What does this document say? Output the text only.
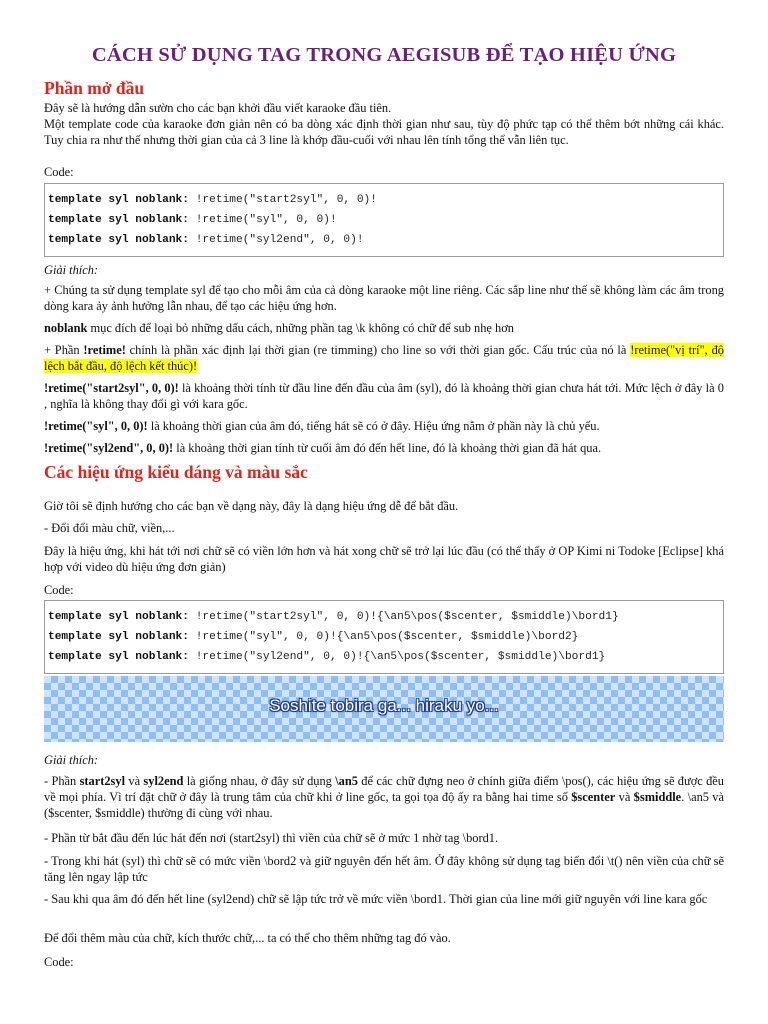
CÁCH SỬ DỤNG TAG TRONG AEGISUB ĐỂ TẠO HIỆU ỨNG
Phần mở đầu
Đây sẽ là hướng dẫn sườn cho các bạn khởi đầu viết karaoke đầu tiên.
Một template code của karaoke đơn giản nên có ba dòng xác định thời gian như sau, tùy độ phức tạp có thể thêm bớt những cái khác. Tuy chia ra như thế nhưng thời gian của cả 3 line là khớp đầu-cuối với nhau lên tính tổng thể vẫn liên tục.
Code:
template syl noblank: !retime("start2syl", 0, 0)!
template syl noblank: !retime("syl", 0, 0)!
template syl noblank: !retime("syl2end", 0, 0)!
Giải thích:
+ Chúng ta sử dụng template syl để tạo cho mỗi âm của cả dòng karaoke một line riêng. Các sắp line như thế sẽ không làm các âm trong dòng kara ảy ảnh hưởng lẫn nhau, để tạo các hiệu ứng hơn.
noblank mục đích để loại bỏ những dấu cách, những phần tag \k không có chữ để sub nhẹ hơn
+ Phần !retime! chính là phần xác định lại thời gian (re timming) cho line so với thời gian gốc. Cấu trúc của nó là !retime("vị trí", độ lệch bắt đầu, độ lệch kết thúc)!
!retime("start2syl", 0, 0)! là khoảng thời tính từ đầu line đến đầu của âm (syl), đó là khoảng thời gian chưa hát tới. Mức lệch ở đây là 0 , nghĩa là không thay đổi gì với kara gốc.
!retime("syl", 0, 0)! là khoảng thời gian của âm đó, tiếng hát sẽ có ở đây. Hiệu ứng nằm ở phần này là chủ yếu.
!retime("syl2end", 0, 0)! là khoảng thời gian tính từ cuối âm đó đến hết line, đó là khoảng thời gian đã hát qua.
Các hiệu ứng kiểu dáng và màu sắc
Giờ tôi sẽ định hướng cho các bạn về dạng này, đây là dạng hiệu ứng dễ để bắt đầu.
- Đổi đổi màu chữ, viền,...
Đây là hiệu ứng, khi hát tới nơi chữ sẽ có viền lớn hơn và hát xong chữ sẽ trở lại lúc đầu (có thể thấy ở OP Kimi ni Todoke [Eclipse] khá hợp với video dù hiệu ứng đơn giản)
Code:
template syl noblank: !retime("start2syl", 0, 0)!{\an5\pos($scenter, $smiddle)\bord1}
template syl noblank: !retime("syl", 0, 0)!{\an5\pos($scenter, $smiddle)\bord2}
template syl noblank: !retime("syl2end", 0, 0)!{\an5\pos($scenter, $smiddle)\bord1}
Soshite tobira ga... hiraku yo...
Giải thích:
- Phần start2syl và syl2end là giống nhau, ở đây sử dụng \an5 để các chữ đựng neo ở chính giữa điểm \pos(), các hiệu ứng sẽ được đều về mọi phía. Vì trí đặt chữ ở đây là trung tâm của chữ khi ở line gốc, ta gọi tọa độ ấy ra bằng hai time số $scenter và $smiddle. \an5 và ($scenter, $smiddle) thường đi cùng với nhau.
- Phần từ bắt đầu đến lúc hát đến nơi (start2syl) thì viền của chữ sẽ ở mức 1 nhờ tag \bord1.
- Trong khi hát (syl) thì chữ sẽ có mức viền \bord2 và giữ nguyên đến hết âm. Ở đây không sử dụng tag biến đổi \t() nên viền của chữ sẽ tăng lên ngay lập tức
- Sau khi qua âm đó đến hết line (syl2end) chữ sẽ lập tức trở về mức viền \bord1. Thời gian của line mới giữ nguyên với line kara gốc
Để đổi thêm màu của chữ, kích thước chữ,... ta có thể cho thêm những tag đó vào.
Code:
